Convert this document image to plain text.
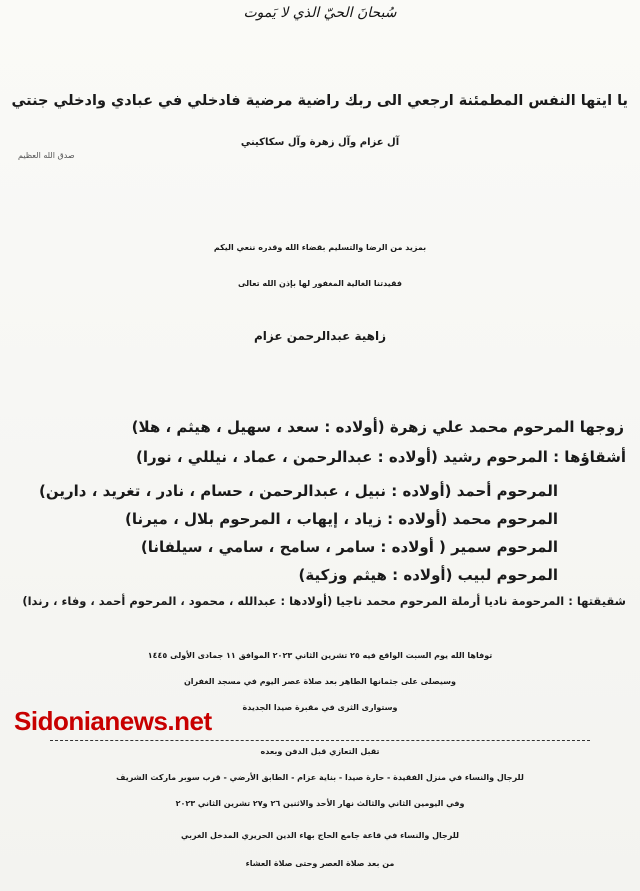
سُبحانَ الحيّ الذي لا يَموت
يا ايتها النفس المطمئنة ارجعي الى ربك راضية مرضية فادخلي في عبادي وادخلي جنتي
صدق الله العظيم
آل عزام وآل زهرة وآل سكاكيني
بمزيد من الرضا والتسليم بقضاء الله وقدره ننعي اليكم
فقيدتنا الغالية المغفور لها بإذن الله تعالى
زاهية عبدالرحمن عزام
زوجها المرحوم محمد علي زهرة (أولاده : سعد ، سهيل ، هيثم ، هلا)
أشقاؤها : المرحوم رشيد (أولاده : عبدالرحمن ، عماد ، نيللي ، نورا)
المرحوم أحمد (أولاده : نبيل ، عبدالرحمن ، حسام ، نادر ، تغريد ، دارين)
المرحوم محمد (أولاده : زياد ، إيهاب ، المرحوم بلال ، ميرنا)
المرحوم سمير ( أولاده : سامر ، سامح ، سامي ، سيلفانا)
المرحوم لبيب (أولاده : هيثم وزكية)
شقيقتها : المرحومة ناديا أرملة المرحوم محمد ناجيا (أولادها : عبدالله ، محمود ، المرحوم أحمد ، وفاء ، رندا)
توفاها الله يوم السبت الواقع فيه ٢٥ تشرين الثاني ٢٠٢٣ الموافق ١١ جمادى الأولى ١٤٤٥
وسيصلى على جثمانها الطاهر بعد صلاة عصر اليوم في مسجد الغفران
وستوارى الثرى في مقبرة صيدا الجديدة
Sidonianews.net
تقبل التعازي قبل الدفن وبعده
للرجال والنساء في منزل الفقيدة - حارة صيدا - بناية عزام - الطابق الأرضي - قرب سوبر ماركت الشريف
وفي اليومين الثاني والثالث نهار الأحد والاثنين ٢٦ و٢٧ تشرين الثاني ٢٠٢٣
للرجال والنساء في قاعة جامع الحاج بهاء الدين الحريري المدخل الغربي
من بعد صلاة العصر وحتى صلاة العشاء
